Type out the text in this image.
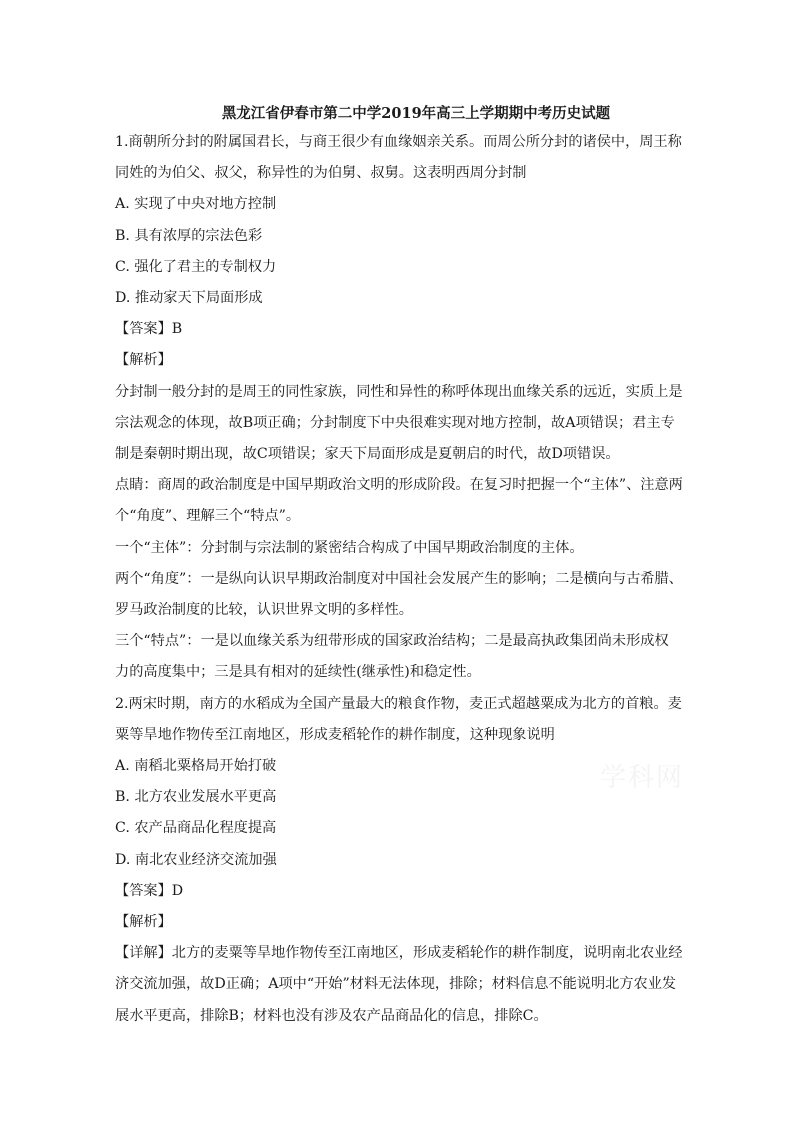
学科网

黑龙江省伊春市第二中学2019年高三上学期期中考历史试题

1.商朝所分封的附属国君长，与商王很少有血缘姻亲关系。而周公所分封的诸侯中，周王称

同姓的为伯父、叔父，称异性的为伯舅、叔舅。这表明西周分封制

A. 实现了中央对地方控制

B. 具有浓厚的宗法色彩

C. 强化了君主的专制权力

D. 推动家天下局面形成

【答案】B

【解析】

分封制一般分封的是周王的同性家族，同性和异性的称呼体现出血缘关系的远近，实质上是

宗法观念的体现，故B项正确；分封制度下中央很难实现对地方控制，故A项错误；君主专

制是秦朝时期出现，故C项错误；家天下局面形成是夏朝启的时代，故D项错误。

点睛：商周的政治制度是中国早期政治文明的形成阶段。在复习时把握一个“主体”、注意两

个“角度”、理解三个“特点”。

一个“主体”：分封制与宗法制的紧密结合构成了中国早期政治制度的主体。

两个“角度”：一是纵向认识早期政治制度对中国社会发展产生的影响；二是横向与古希腊、

罗马政治制度的比较，认识世界文明的多样性。

三个“特点”：一是以血缘关系为纽带形成的国家政治结构；二是最高执政集团尚未形成权

力的高度集中；三是具有相对的延续性(继承性)和稳定性。

2.两宋时期，南方的水稻成为全国产量最大的粮食作物，麦正式超越粟成为北方的首粮。麦

粟等旱地作物传至江南地区，形成麦稻轮作的耕作制度，这种现象说明

A. 南稻北粟格局开始打破

B. 北方农业发展水平更高

C. 农产品商品化程度提高

D. 南北农业经济交流加强

【答案】D

【解析】

【详解】北方的麦粟等旱地作物传至江南地区，形成麦稻轮作的耕作制度，说明南北农业经

济交流加强，故D正确；A项中“开始”材料无法体现，排除；材料信息不能说明北方农业发

展水平更高，排除B；材料也没有涉及农产品商品化的信息，排除C。
